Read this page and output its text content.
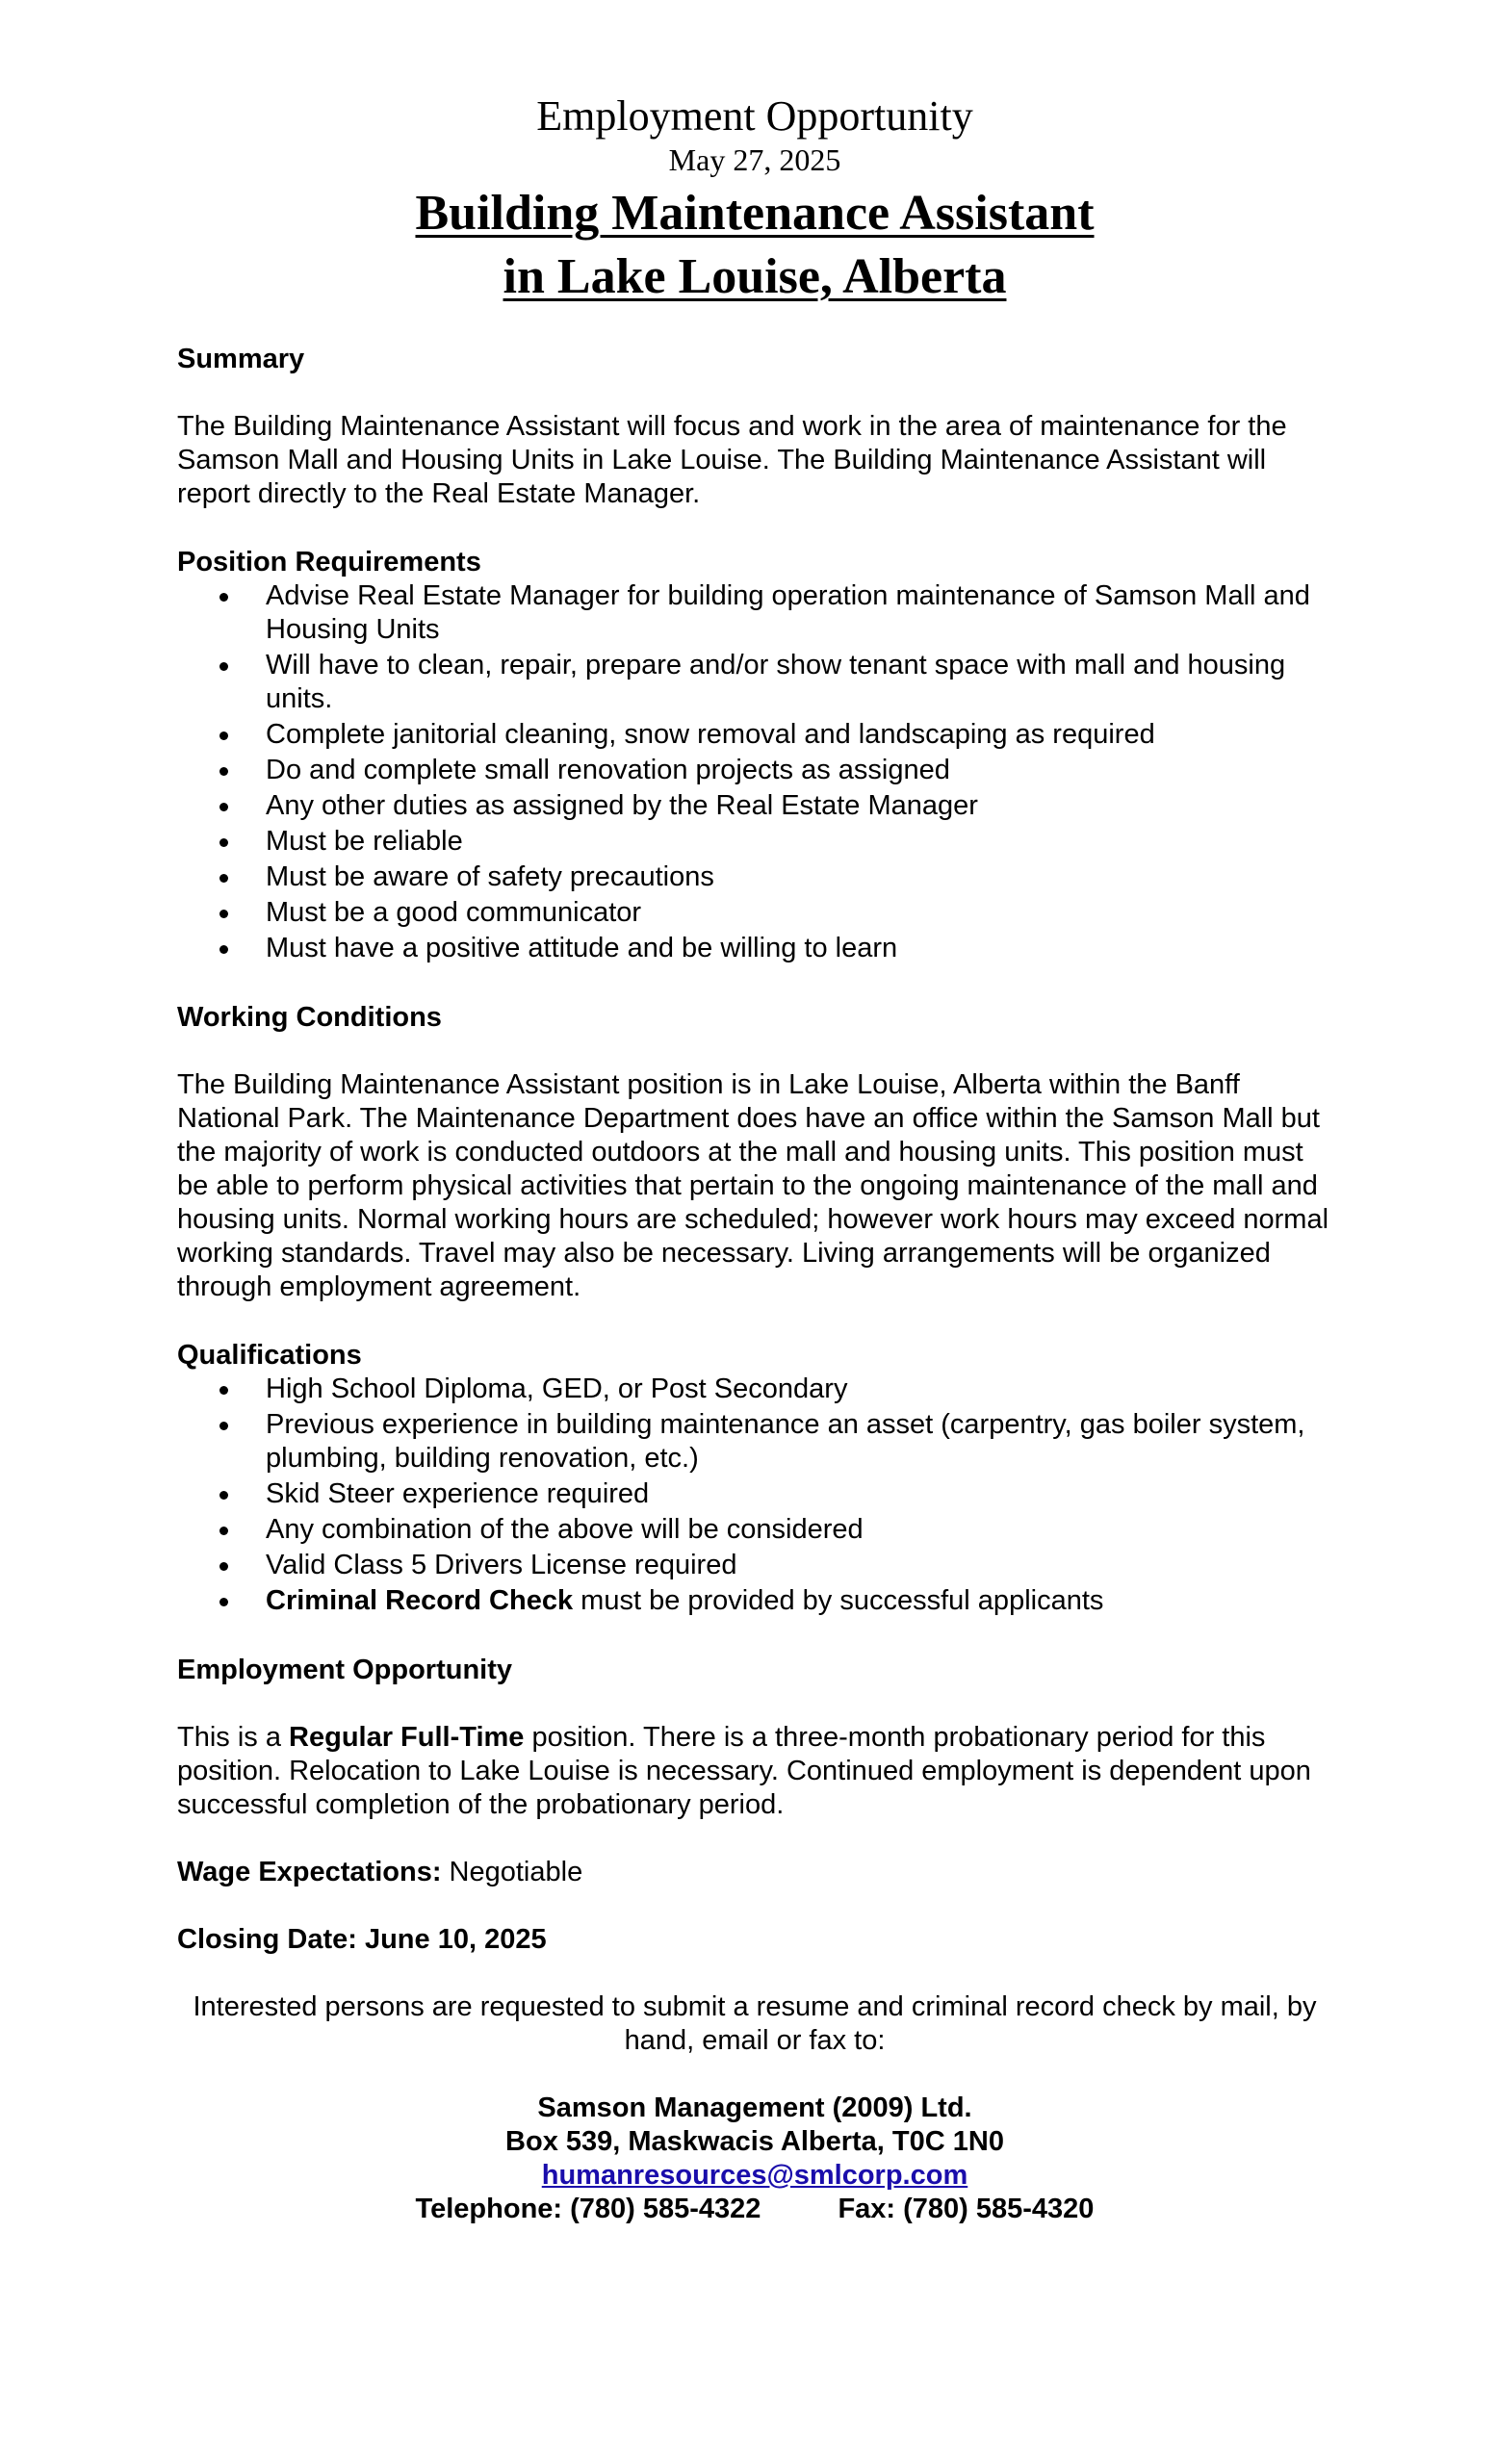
Employment Opportunity

May 27, 2025

Building Maintenance Assistant

in Lake Louise, Alberta

Summary

The Building Maintenance Assistant will focus and work in the area of maintenance for the Samson Mall and Housing Units in Lake Louise. The Building Maintenance Assistant will report directly to the Real Estate Manager.

Position Requirements

Advise Real Estate Manager for building operation maintenance of Samson Mall and Housing Units
Will have to clean, repair, prepare and/or show tenant space with mall and housing units.
Complete janitorial cleaning, snow removal and landscaping as required
Do and complete small renovation projects as assigned
Any other duties as assigned by the Real Estate Manager
Must be reliable
Must be aware of safety precautions
Must be a good communicator
Must have a positive attitude and be willing to learn

Working Conditions

The Building Maintenance Assistant position is in Lake Louise, Alberta within the Banff National Park. The Maintenance Department does have an office within the Samson Mall but the majority of work is conducted outdoors at the mall and housing units. This position must be able to perform physical activities that pertain to the ongoing maintenance of the mall and housing units. Normal working hours are scheduled; however work hours may exceed normal working standards. Travel may also be necessary. Living arrangements will be organized through employment agreement.

Qualifications

High School Diploma, GED, or Post Secondary
Previous experience in building maintenance an asset (carpentry, gas boiler system, plumbing, building renovation, etc.)
Skid Steer experience required
Any combination of the above will be considered
Valid Class 5 Drivers License required
Criminal Record Check must be provided by successful applicants

Employment Opportunity

This is a Regular Full-Time position. There is a three-month probationary period for this position. Relocation to Lake Louise is necessary. Continued employment is dependent upon successful completion of the probationary period.

Wage Expectations: Negotiable

Closing Date: June 10, 2025

Interested persons are requested to submit a resume and criminal record check by mail, by hand, email or fax to:

Samson Management (2009) Ltd.
Box 539, Maskwacis Alberta, T0C 1N0
humanresources@smlcorp.com
Telephone: (780) 585-4322	Fax: (780) 585-4320
